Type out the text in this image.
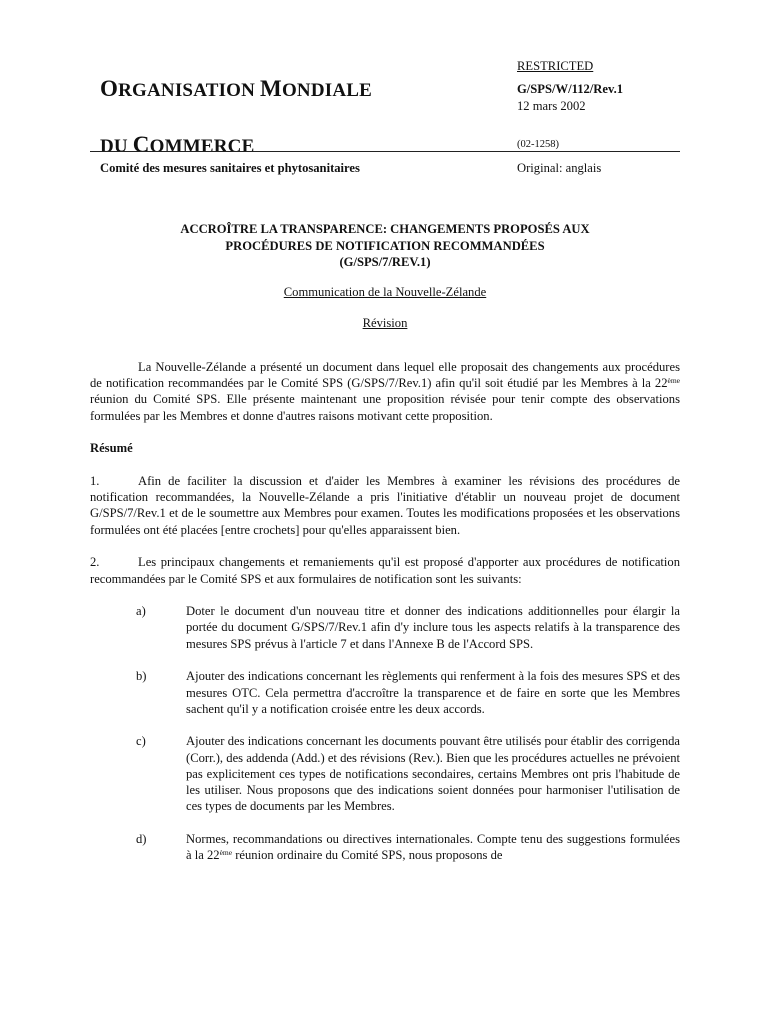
ORGANISATION MONDIALE
DU COMMERCE
RESTRICTED
G/SPS/W/112/Rev.1
12 mars 2002
(02-1258)
Comité des mesures sanitaires et phytosanitaires	Original: anglais
ACCROÎTRE LA TRANSPARENCE: CHANGEMENTS PROPOSÉS AUX
PROCÉDURES DE NOTIFICATION RECOMMANDÉES
(G/SPS/7/REV.1)
Communication de la Nouvelle-Zélande
Révision

La Nouvelle-Zélande a présenté un document dans lequel elle proposait des changements aux procédures de notification recommandées par le Comité SPS (G/SPS/7/Rev.1) afin qu'il soit étudié par les Membres à la 22ème réunion du Comité SPS. Elle présente maintenant une proposition révisée pour tenir compte des observations formulées par les Membres et donne d'autres raisons motivant cette proposition.

Résumé

1.	Afin de faciliter la discussion et d'aider les Membres à examiner les révisions des procédures de notification recommandées, la Nouvelle-Zélande a pris l'initiative d'établir un nouveau projet de document G/SPS/7/Rev.1 et de le soumettre aux Membres pour examen. Toutes les modifications proposées et les observations formulées ont été placées [entre crochets] pour qu'elles apparaissent bien.

2.	Les principaux changements et remaniements qu'il est proposé d'apporter aux procédures de notification recommandées par le Comité SPS et aux formulaires de notification sont les suivants:

a)	Doter le document d'un nouveau titre et donner des indications additionnelles pour élargir la portée du document G/SPS/7/Rev.1 afin d'y inclure tous les aspects relatifs à la transparence des mesures SPS prévus à l'article 7 et dans l'Annexe B de l'Accord SPS.
b)	Ajouter des indications concernant les règlements qui renferment à la fois des mesures SPS et des mesures OTC. Cela permettra d'accroître la transparence et de faire en sorte que les Membres sachent qu'il y a notification croisée entre les deux accords.
c)	Ajouter des indications concernant les documents pouvant être utilisés pour établir des corrigenda (Corr.), des addenda (Add.) et des révisions (Rev.). Bien que les procédures actuelles ne prévoient pas explicitement ces types de notifications secondaires, certains Membres ont pris l'habitude de les utiliser. Nous proposons que des indications soient données pour harmoniser l'utilisation de ces types de documents par les Membres.
d)	Normes, recommandations ou directives internationales. Compte tenu des suggestions formulées à la 22ème réunion ordinaire du Comité SPS, nous proposons de
